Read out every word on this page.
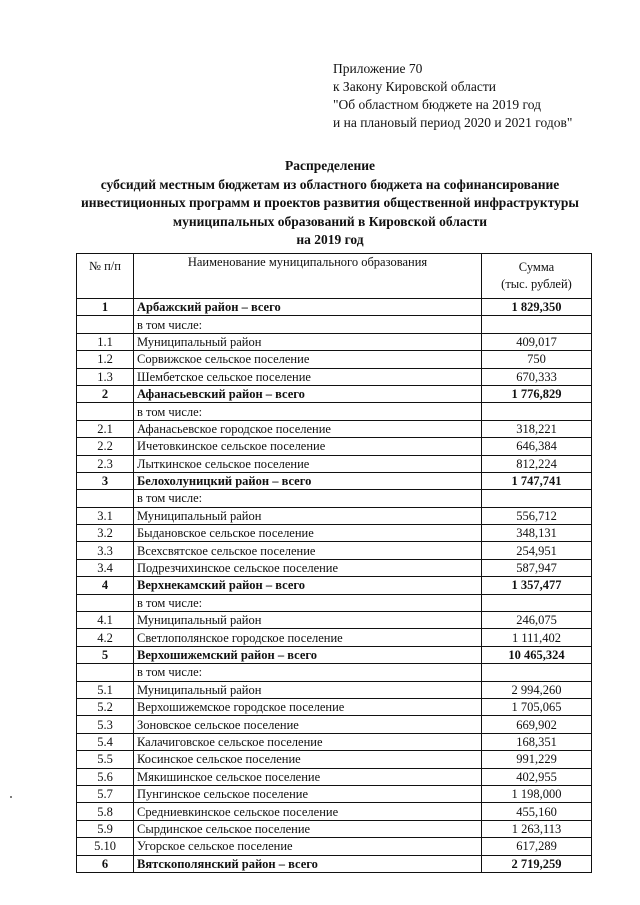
Приложение 70
к Закону Кировской области
"Об областном бюджете на 2019 год
и на плановый период 2020 и 2021 годов"
Распределение
субсидий местным бюджетам из областного бюджета на софинансирование
инвестиционных программ и проектов развития общественной инфраструктуры
муниципальных образований в Кировской области
на 2019 год
№ п/п	Наименование муниципального образования	Сумма
(тыс. рублей)

1	Арбажский район – всего	1 829,350
	в том числе:	
1.1	Муниципальный район	409,017
1.2	Сорвижское сельское поселение	750
1.3	Шембетское сельское поселение	670,333
2	Афанасьевский район – всего	1 776,829
	в том числе:	
2.1	Афанасьевское городское поселение	318,221
2.2	Ичетовкинское сельское поселение	646,384
2.3	Лыткинское сельское поселение	812,224
3	Белохолуницкий район – всего	1 747,741
	в том числе:	
3.1	Муниципальный район	556,712
3.2	Быдановское сельское поселение	348,131
3.3	Всехсвятское сельское поселение	254,951
3.4	Подрезчихинское сельское поселение	587,947
4	Верхнекамский район – всего	1 357,477
	в том числе:	
4.1	Муниципальный район	246,075
4.2	Светлополянское городское поселение	1 111,402
5	Верхошижемский район – всего	10 465,324
	в том числе:	
5.1	Муниципальный район	2 994,260
5.2	Верхошижемское городское поселение	1 705,065
5.3	Зоновское сельское поселение	669,902
5.4	Калачиговское сельское поселение	168,351
5.5	Косинское сельское поселение	991,229
5.6	Мякишинское сельское поселение	402,955
5.7	Пунгинское сельское поселение	1 198,000
5.8	Средниевкинское сельское поселение	455,160
5.9	Сырдинское сельское поселение	1 263,113
5.10	Угорское сельское поселение	617,289
6	Вятскополянский район – всего	2 719,259
